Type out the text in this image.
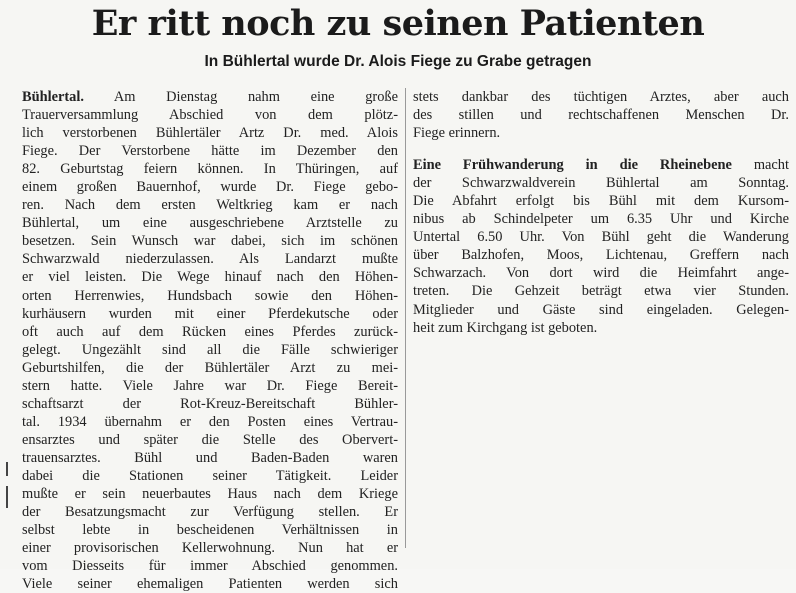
Er ritt noch zu seinen Patienten
In Bühlertal wurde Dr. Alois Fiege zu Grabe getragen
Bühlertal. Am Dienstag nahm eine große
Trauerversammlung Abschied von dem plötz-
lich verstorbenen Bühlertäler Artz Dr. med. Alois
Fiege. Der Verstorbene hätte im Dezember den
82. Geburtstag feiern können. In Thüringen, auf
einem großen Bauernhof, wurde Dr. Fiege gebo-
ren. Nach dem ersten Weltkrieg kam er nach
Bühlertal, um eine ausgeschriebene Arztstelle zu
besetzen. Sein Wunsch war dabei, sich im schönen
Schwarzwald niederzulassen. Als Landarzt mußte
er viel leisten. Die Wege hinauf nach den Höhen-
orten Herrenwies, Hundsbach sowie den Höhen-
kurhäusern wurden mit einer Pferdekutsche oder
oft auch auf dem Rücken eines Pferdes zurück-
gelegt. Ungezählt sind all die Fälle schwieriger
Geburtshilfen, die der Bühlertäler Arzt zu mei-
stern hatte. Viele Jahre war Dr. Fiege Bereit-
schaftsarzt der Rot-Kreuz-Bereitschaft Bühler-
tal. 1934 übernahm er den Posten eines Vertrau-
ensarztes und später die Stelle des Obervert-
trauensarztes. Bühl und Baden-Baden waren
dabei die Stationen seiner Tätigkeit. Leider
mußte er sein neuerbautes Haus nach dem Kriege
der Besatzungsmacht zur Verfügung stellen. Er
selbst lebte in bescheidenen Verhältnissen in
einer provisorischen Kellerwohnung. Nun hat er
vom Diesseits für immer Abschied genommen.
Viele seiner ehemaligen Patienten werden sich
stets dankbar des tüchtigen Arztes, aber auch
des stillen und rechtschaffenen Menschen Dr.
Fiege erinnern.
Eine Frühwanderung in die Rheinebene macht
der Schwarzwaldverein Bühlertal am Sonntag.
Die Abfahrt erfolgt bis Bühl mit dem Kursom-
nibus ab Schindelpeter um 6.35 Uhr und Kirche
Untertal 6.50 Uhr. Von Bühl geht die Wanderung
über Balzhofen, Moos, Lichtenau, Greffern nach
Schwarzach. Von dort wird die Heimfahrt ange-
treten. Die Gehzeit beträgt etwa vier Stunden.
Mitglieder und Gäste sind eingeladen. Gelegen-
heit zum Kirchgang ist geboten.
